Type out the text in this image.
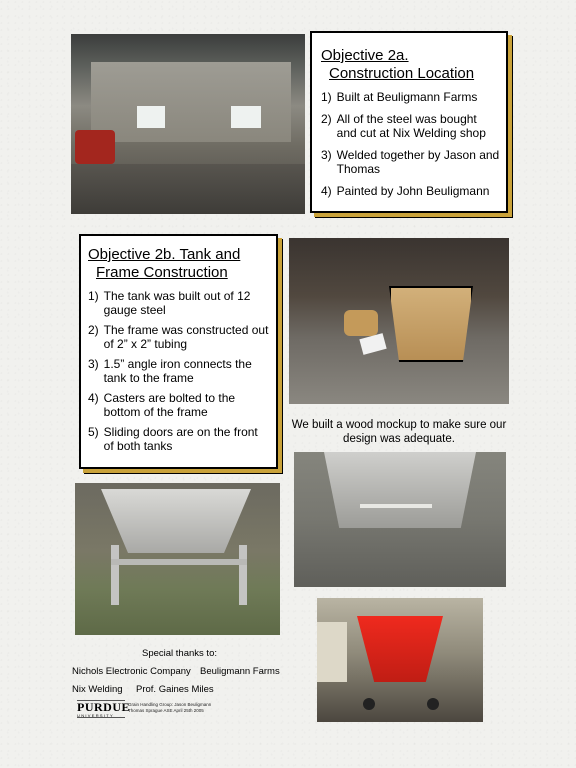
Objective 2a.
Construction Location
1) Built at Beuligmann Farms
2) All of the steel was bought and cut at Nix Welding shop
3) Welded together by Jason and Thomas
4) Painted by John Beuligmann
Objective 2b. Tank and
Frame Construction
1) The tank was built out of 12 gauge steel
2) The frame was constructed out of 2” x 2” tubing
3) 1.5” angle iron connects the tank to the frame
4) Casters are bolted to the bottom of the frame
5) Sliding doors are on the front of both tanks
We built a wood mockup to make sure our design was adequate.
Special thanks to:
Nichols Electronic Company Beuligmann Farms
Nix Welding	Prof. Gaines Miles
PURDUE
UNIVERSITY
Grain Handling Group: Jason Beuligmann
Thomas Sprague ASE April 25th 2005
